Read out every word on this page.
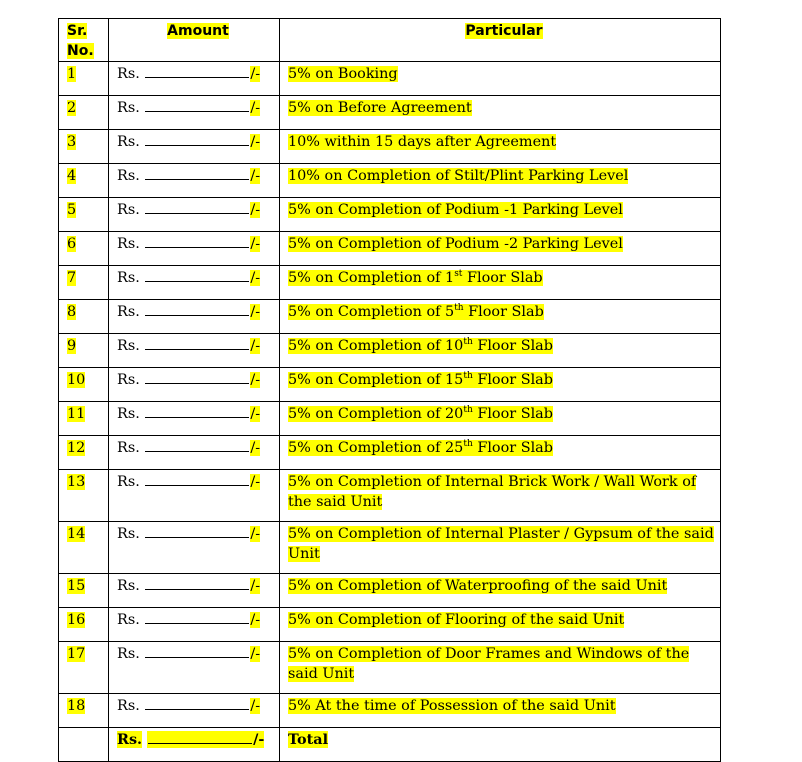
Sr.
No.	Amount	Particular
1	Rs. /-	5% on Booking
2	Rs. /-	5% on Before Agreement
3	Rs. /-	10% within 15 days after Agreement
4	Rs. /-	10% on Completion of Stilt/Plint Parking Level
5	Rs. /-	5% on Completion of Podium -1 Parking Level
6	Rs. /-	5% on Completion of Podium -2 Parking Level
7	Rs. /-	5% on Completion of 1st Floor Slab
8	Rs. /-	5% on Completion of 5th Floor Slab
9	Rs. /-	5% on Completion of 10th Floor Slab
10	Rs. /-	5% on Completion of 15th Floor Slab
11	Rs. /-	5% on Completion of 20th Floor Slab
12	Rs. /-	5% on Completion of 25th Floor Slab
13	Rs. /-	5% on Completion of Internal Brick Work / Wall Work of the said Unit
14	Rs. /-	5% on Completion of Internal Plaster / Gypsum of the said Unit
15	Rs. /-	5% on Completion of Waterproofing of the said Unit
16	Rs. /-	5% on Completion of Flooring of the said Unit
17	Rs. /-	5% on Completion of Door Frames and Windows of the said Unit
18	Rs. /-	5% At the time of Possession of the said Unit
	Rs. /-	Total
